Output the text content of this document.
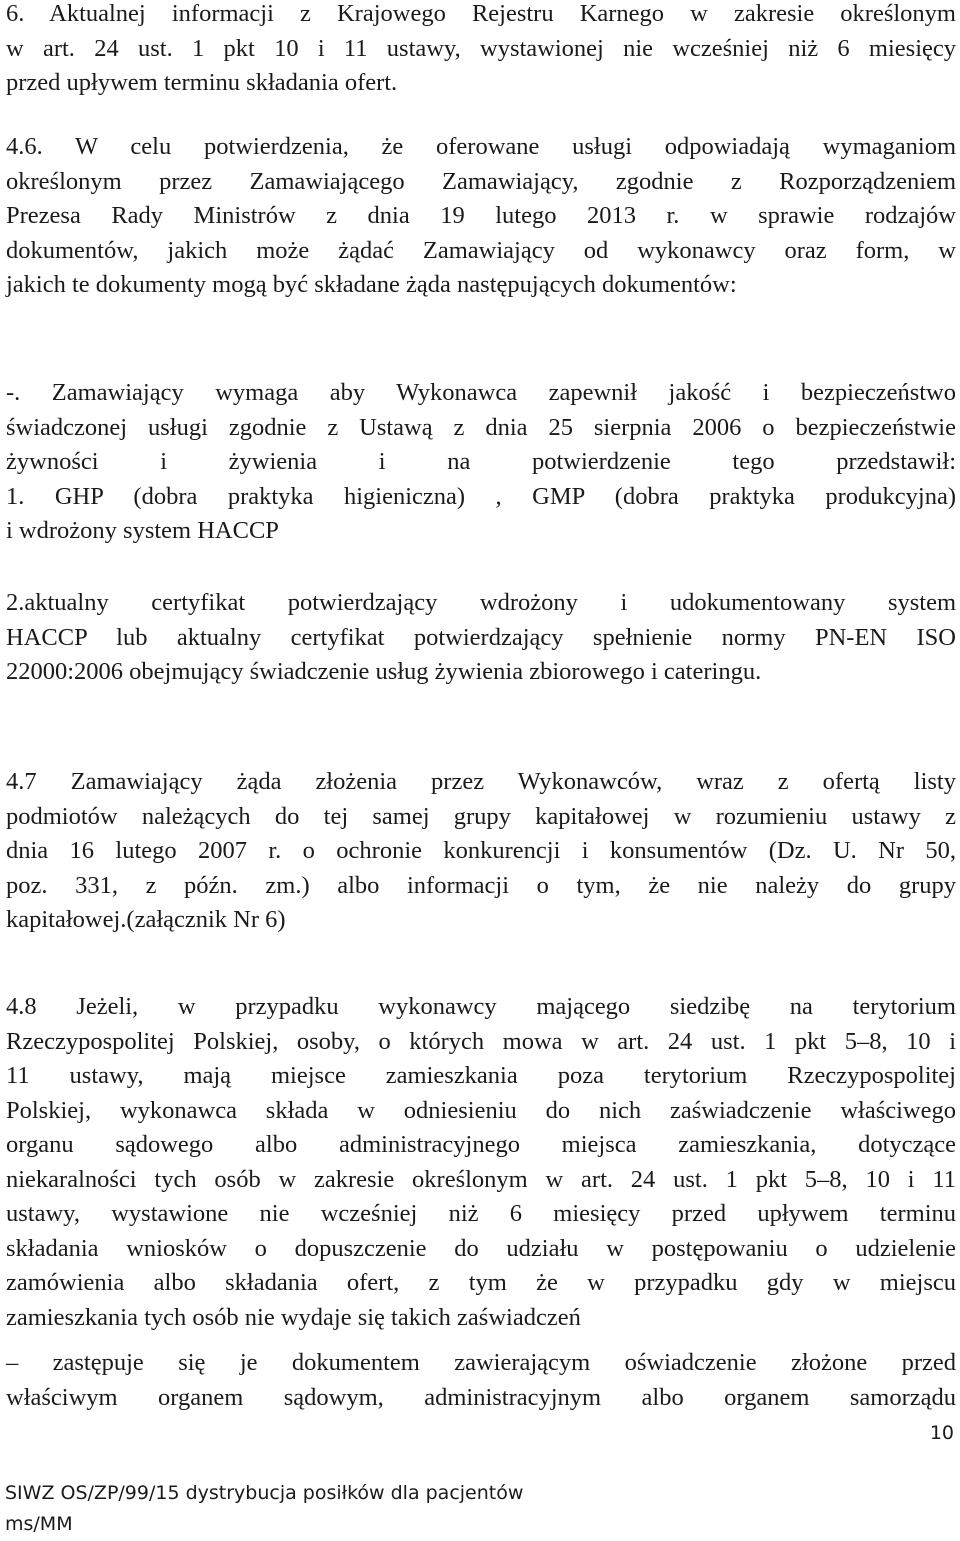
6. Aktualnej informacji z Krajowego Rejestru Karnego w zakresie określonym
w art. 24 ust. 1 pkt 10 i 11 ustawy, wystawionej nie wcześniej niż 6 miesięcy
przed upływem terminu składania ofert.

4.6. W celu potwierdzenia, że oferowane usługi odpowiadają wymaganiom
określonym przez Zamawiającego Zamawiający, zgodnie z Rozporządzeniem
Prezesa Rady Ministrów z dnia 19 lutego 2013 r. w sprawie rodzajów
dokumentów, jakich może żądać Zamawiający od wykonawcy oraz form, w
jakich te dokumenty mogą być składane żąda następujących dokumentów:

-. Zamawiający wymaga aby Wykonawca zapewnił jakość i bezpieczeństwo
świadczonej usługi zgodnie z Ustawą z dnia 25 sierpnia 2006 o bezpieczeństwie
żywności i żywienia i na potwierdzenie tego przedstawił:
1. GHP (dobra praktyka higieniczna) , GMP (dobra praktyka produkcyjna)
i wdrożony system HACCP

2.aktualny certyfikat potwierdzający wdrożony i udokumentowany system
HACCP lub aktualny certyfikat potwierdzający spełnienie normy PN-EN ISO
22000:2006 obejmujący świadczenie usług żywienia zbiorowego i cateringu.

4.7 Zamawiający żąda złożenia przez Wykonawców, wraz z ofertą listy
podmiotów należących do tej samej grupy kapitałowej w rozumieniu ustawy z
dnia 16 lutego 2007 r. o ochronie konkurencji i konsumentów (Dz. U. Nr 50,
poz. 331, z późn. zm.) albo informacji o tym, że nie należy do grupy
kapitałowej.(załącznik Nr 6)

4.8 Jeżeli, w przypadku wykonawcy mającego siedzibę na terytorium
Rzeczypospolitej Polskiej, osoby, o których mowa w art. 24 ust. 1 pkt 5–8, 10 i
11 ustawy, mają miejsce zamieszkania poza terytorium Rzeczypospolitej
Polskiej, wykonawca składa w odniesieniu do nich zaświadczenie właściwego
organu sądowego albo administracyjnego miejsca zamieszkania, dotyczące
niekaralności tych osób w zakresie określonym w art. 24 ust. 1 pkt 5–8, 10 i 11
ustawy, wystawione nie wcześniej niż 6 miesięcy przed upływem terminu
składania wniosków o dopuszczenie do udziału w postępowaniu o udzielenie
zamówienia albo składania ofert, z tym że w przypadku gdy w miejscu
zamieszkania tych osób nie wydaje się takich zaświadczeń

– zastępuje się je dokumentem zawierającym oświadczenie złożone przed
właściwym organem sądowym, administracyjnym albo organem samorządu

10
SIWZ OS/ZP/99/15 dystrybucja posiłków dla pacjentów
ms/MM
